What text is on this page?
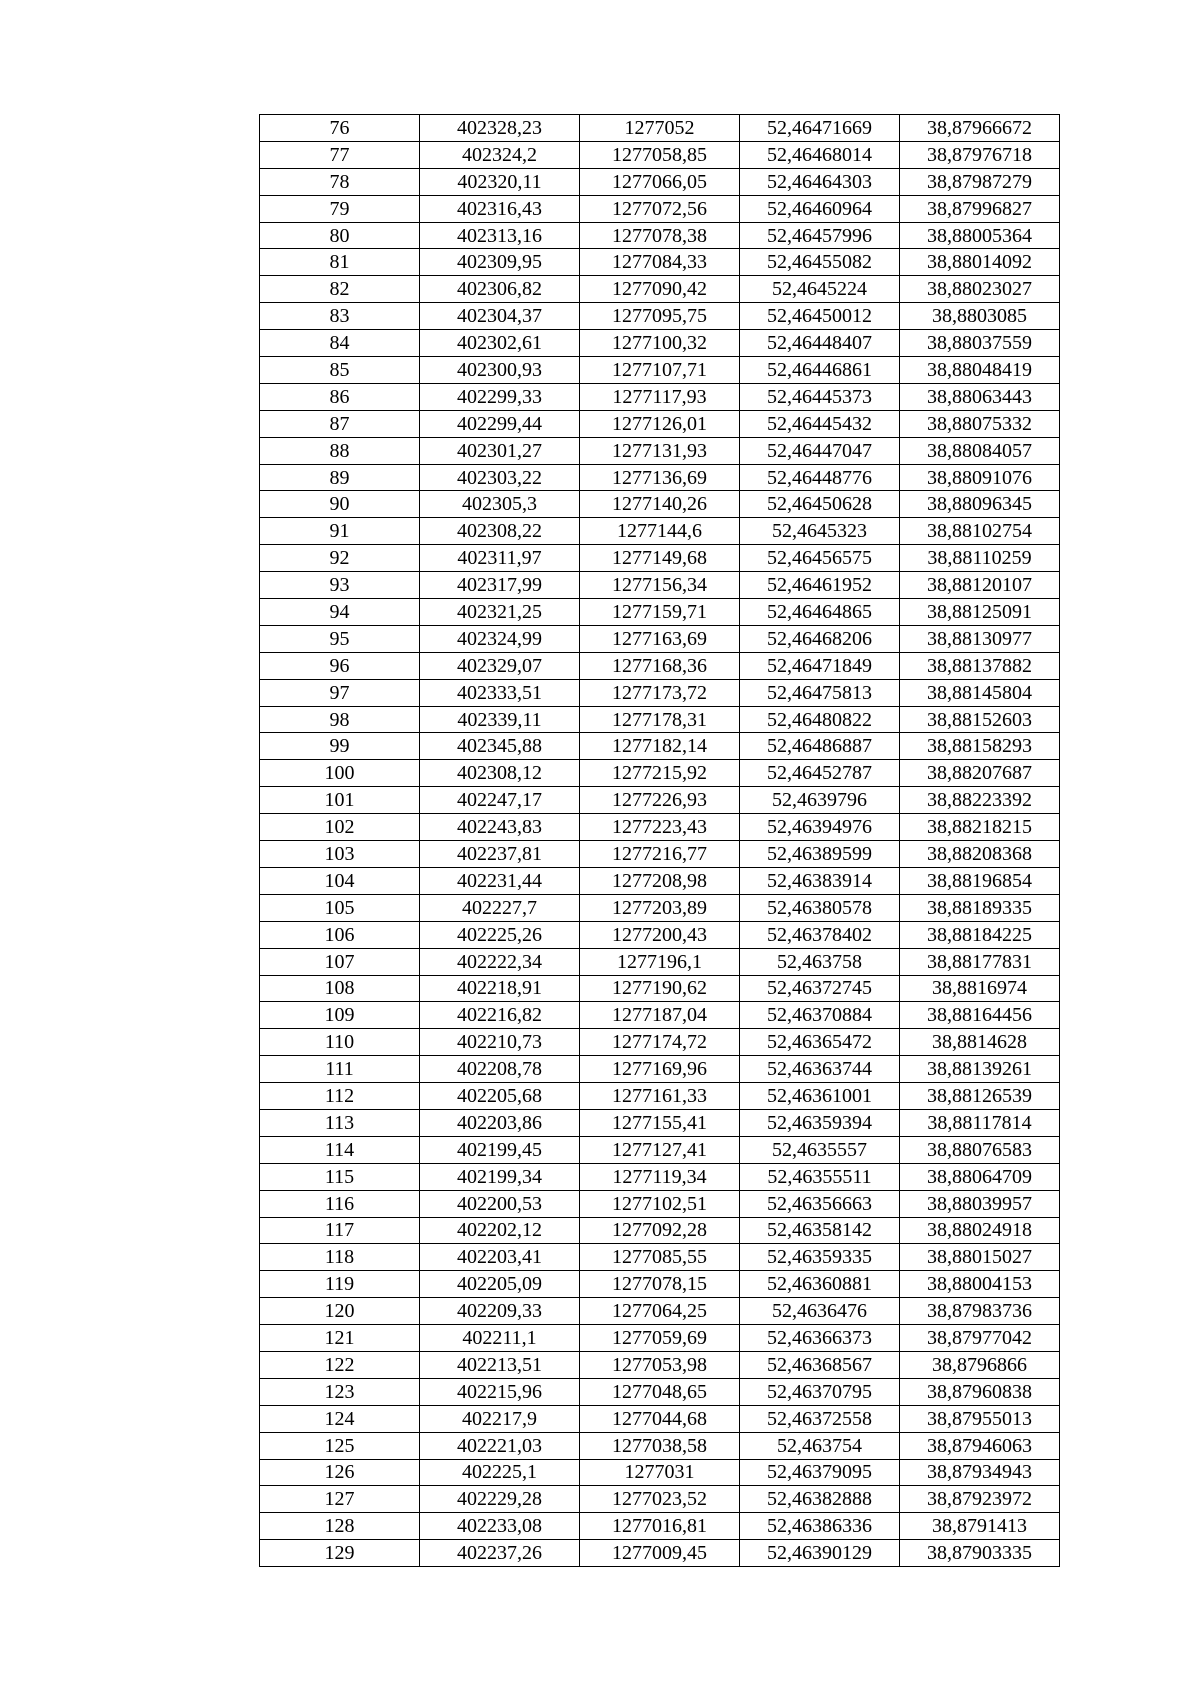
76	402328,23	1277052	52,46471669	38,87966672
77	402324,2	1277058,85	52,46468014	38,87976718
78	402320,11	1277066,05	52,46464303	38,87987279
79	402316,43	1277072,56	52,46460964	38,87996827
80	402313,16	1277078,38	52,46457996	38,88005364
81	402309,95	1277084,33	52,46455082	38,88014092
82	402306,82	1277090,42	52,4645224	38,88023027
83	402304,37	1277095,75	52,46450012	38,8803085
84	402302,61	1277100,32	52,46448407	38,88037559
85	402300,93	1277107,71	52,46446861	38,88048419
86	402299,33	1277117,93	52,46445373	38,88063443
87	402299,44	1277126,01	52,46445432	38,88075332
88	402301,27	1277131,93	52,46447047	38,88084057
89	402303,22	1277136,69	52,46448776	38,88091076
90	402305,3	1277140,26	52,46450628	38,88096345
91	402308,22	1277144,6	52,4645323	38,88102754
92	402311,97	1277149,68	52,46456575	38,88110259
93	402317,99	1277156,34	52,46461952	38,88120107
94	402321,25	1277159,71	52,46464865	38,88125091
95	402324,99	1277163,69	52,46468206	38,88130977
96	402329,07	1277168,36	52,46471849	38,88137882
97	402333,51	1277173,72	52,46475813	38,88145804
98	402339,11	1277178,31	52,46480822	38,88152603
99	402345,88	1277182,14	52,46486887	38,88158293
100	402308,12	1277215,92	52,46452787	38,88207687
101	402247,17	1277226,93	52,4639796	38,88223392
102	402243,83	1277223,43	52,46394976	38,88218215
103	402237,81	1277216,77	52,46389599	38,88208368
104	402231,44	1277208,98	52,46383914	38,88196854
105	402227,7	1277203,89	52,46380578	38,88189335
106	402225,26	1277200,43	52,46378402	38,88184225
107	402222,34	1277196,1	52,463758	38,88177831
108	402218,91	1277190,62	52,46372745	38,8816974
109	402216,82	1277187,04	52,46370884	38,88164456
110	402210,73	1277174,72	52,46365472	38,8814628
111	402208,78	1277169,96	52,46363744	38,88139261
112	402205,68	1277161,33	52,46361001	38,88126539
113	402203,86	1277155,41	52,46359394	38,88117814
114	402199,45	1277127,41	52,4635557	38,88076583
115	402199,34	1277119,34	52,46355511	38,88064709
116	402200,53	1277102,51	52,46356663	38,88039957
117	402202,12	1277092,28	52,46358142	38,88024918
118	402203,41	1277085,55	52,46359335	38,88015027
119	402205,09	1277078,15	52,46360881	38,88004153
120	402209,33	1277064,25	52,4636476	38,87983736
121	402211,1	1277059,69	52,46366373	38,87977042
122	402213,51	1277053,98	52,46368567	38,8796866
123	402215,96	1277048,65	52,46370795	38,87960838
124	402217,9	1277044,68	52,46372558	38,87955013
125	402221,03	1277038,58	52,463754	38,87946063
126	402225,1	1277031	52,46379095	38,87934943
127	402229,28	1277023,52	52,46382888	38,87923972
128	402233,08	1277016,81	52,46386336	38,8791413
129	402237,26	1277009,45	52,46390129	38,87903335
